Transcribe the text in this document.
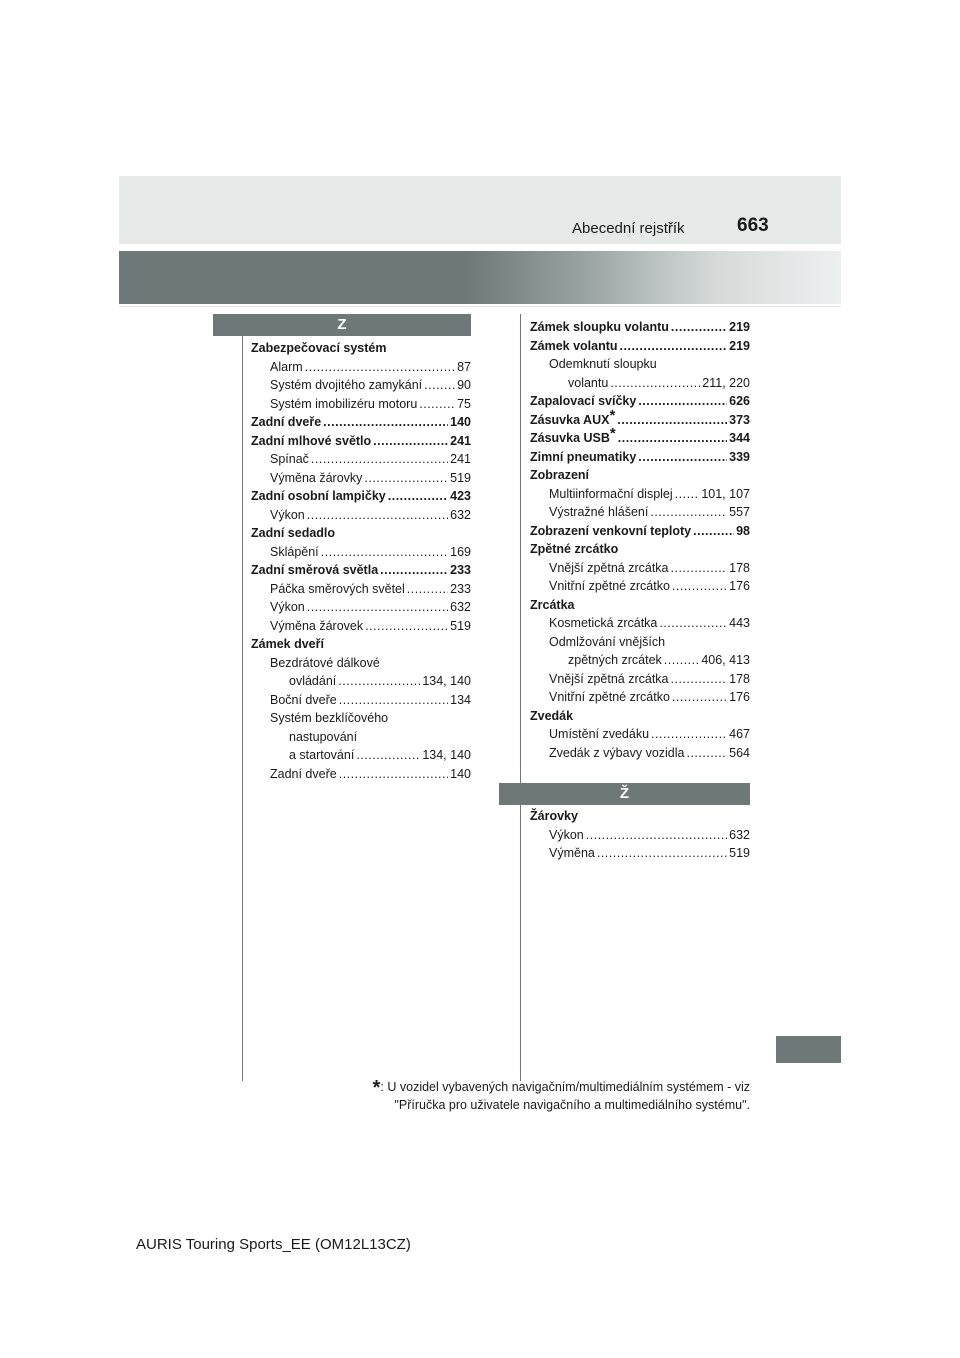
Abecední rejstřík	663
Z
Zabezpečovací systém
Alarm .....	87
Systém dvojitého zamykání .....	90
Systém imobilizéru motoru .....	75
Zadní dveře .....	140
Zadní mlhové světlo .....	241
Spínač .....	241
Výměna žárovky .....	519
Zadní osobní lampičky .....	423
Výkon .....	632
Zadní sedadlo
Sklápění .....	169
Zadní směrová světla .....	233
Páčka směrových světel .....	233
Výkon .....	632
Výměna žárovek .....	519
Zámek dveří
Bezdrátové dálkové
ovládání .....	134, 140
Boční dveře .....	134
Systém bezklíčového
nastupování
a startování .....	134, 140
Zadní dveře .....	140
Zámek sloupku volantu .....	219
Zámek volantu .....	219
Odemknutí sloupku
volantu .....	211, 220
Zapalovací svíčky .....	626
Zásuvka AUX* .....	373
Zásuvka USB* .....	344
Zimní pneumatiky .....	339
Zobrazení
Multiinformační displej ..... 101, 107
Výstražné hlášení .....	557
Zobrazení venkovní teploty .....	98
Zpětné zrcátko
Vnější zpětná zrcátka .....	178
Vnitřní zpětné zrcátko .....	176
Zrcátka
Kosmetická zrcátka .....	443
Odmlžování vnějších
zpětných zrcátek .....	406, 413
Vnější zpětná zrcátka .....	178
Vnitřní zpětné zrcátko .....	176
Zvedák
Umístění zvedáku .....	467
Zvedák z výbavy vozidla .....	564
Ž
Žárovky
Výkon .....	632
Výměna .....	519
*: U vozidel vybavených navigačním/multimediálním systémem - viz
"Příručka pro uživatele navigačního a multimediálního systému".
AURIS Touring Sports_EE (OM12L13CZ)
